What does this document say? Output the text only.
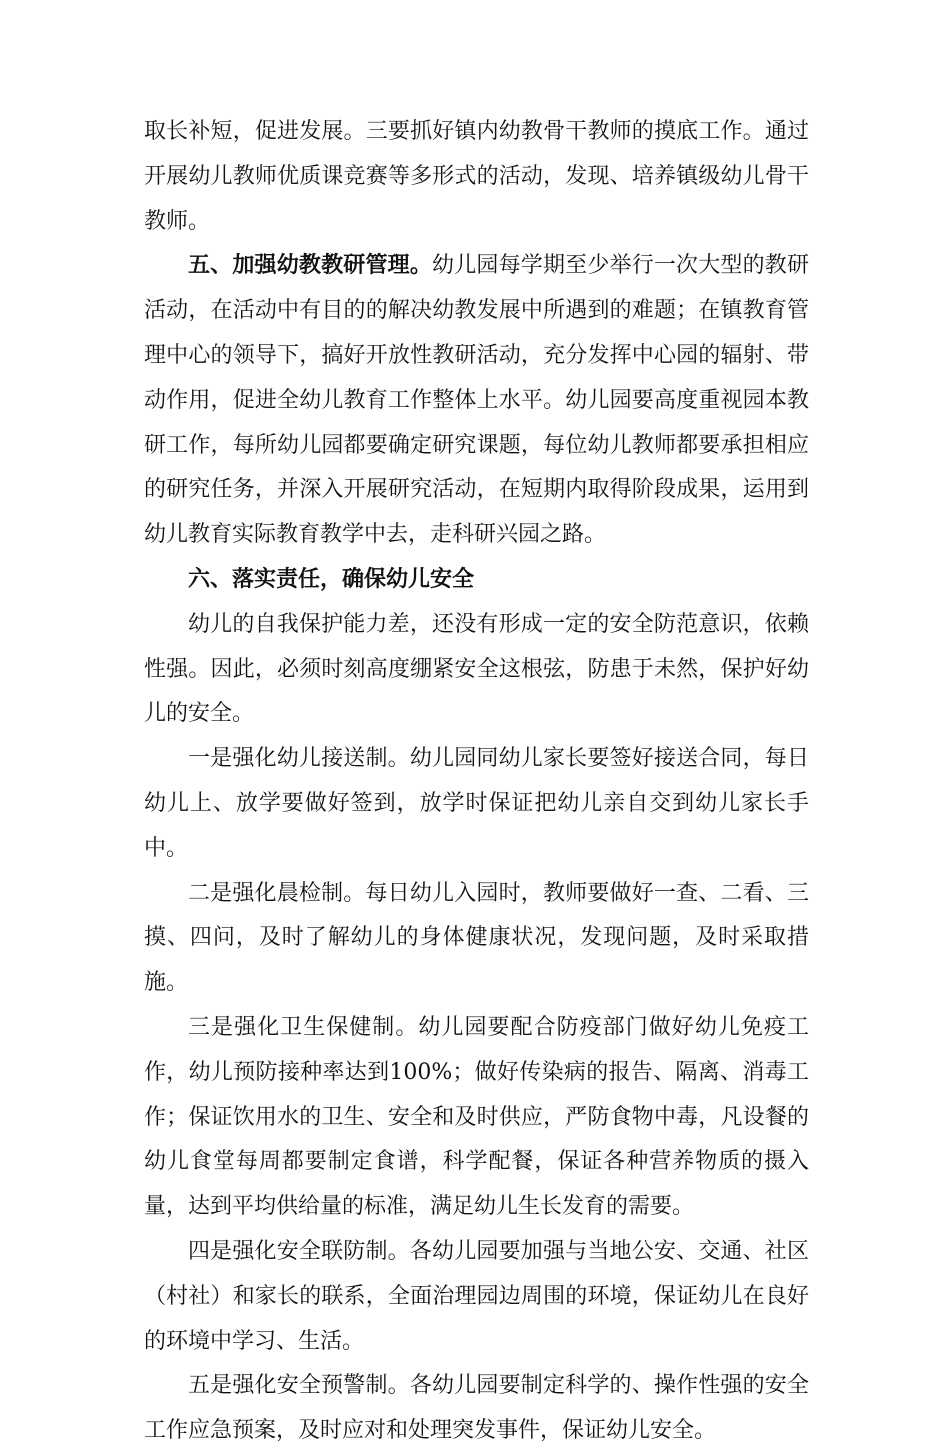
取长补短，促进发展。三要抓好镇内幼教骨干教师的摸底工作。通过开展幼儿教师优质课竞赛等多形式的活动，发现、培养镇级幼儿骨干教师。

五、加强幼教教研管理。幼儿园每学期至少举行一次大型的教研活动，在活动中有目的的解决幼教发展中所遇到的难题；在镇教育管理中心的领导下，搞好开放性教研活动，充分发挥中心园的辐射、带动作用，促进全幼儿教育工作整体上水平。幼儿园要高度重视园本教研工作，每所幼儿园都要确定研究课题，每位幼儿教师都要承担相应的研究任务，并深入开展研究活动，在短期内取得阶段成果，运用到幼儿教育实际教育教学中去，走科研兴园之路。

六、落实责任，确保幼儿安全

幼儿的自我保护能力差，还没有形成一定的安全防范意识，依赖性强。因此，必须时刻高度绷紧安全这根弦，防患于未然，保护好幼儿的安全。

一是强化幼儿接送制。幼儿园同幼儿家长要签好接送合同，每日幼儿上、放学要做好签到，放学时保证把幼儿亲自交到幼儿家长手中。

二是强化晨检制。每日幼儿入园时，教师要做好一查、二看、三摸、四问，及时了解幼儿的身体健康状况，发现问题，及时采取措施。

三是强化卫生保健制。幼儿园要配合防疫部门做好幼儿免疫工作，幼儿预防接种率达到100%；做好传染病的报告、隔离、消毒工作；保证饮用水的卫生、安全和及时供应，严防食物中毒，凡设餐的幼儿食堂每周都要制定食谱，科学配餐，保证各种营养物质的摄入量，达到平均供给量的标准，满足幼儿生长发育的需要。

四是强化安全联防制。各幼儿园要加强与当地公安、交通、社区（村社）和家长的联系，全面治理园边周围的环境，保证幼儿在良好的环境中学习、生活。

五是强化安全预警制。各幼儿园要制定科学的、操作性强的安全工作应急预案，及时应对和处理突发事件，保证幼儿安全。
